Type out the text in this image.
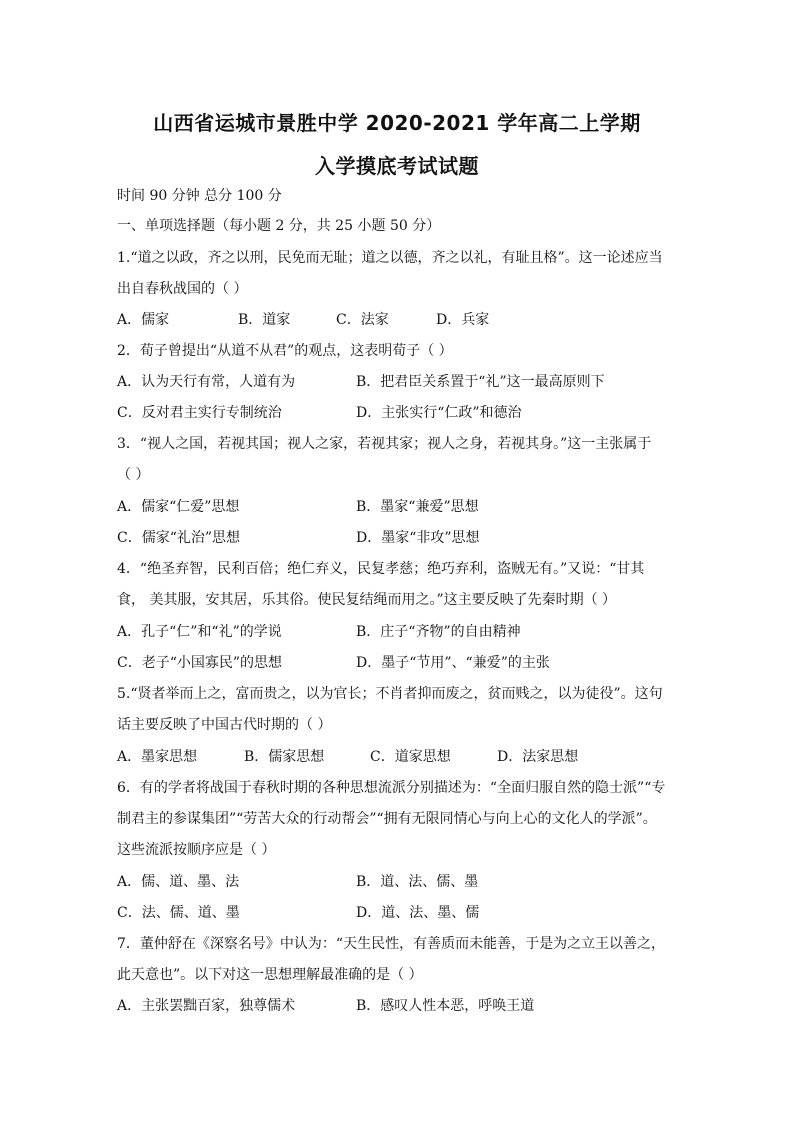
山西省运城市景胜中学 2020-2021 学年高二上学期
入学摸底考试试题
时间 90 分钟 总分 100 分
一、单项选择题（每小题 2 分，共 25 小题 50 分）
1.“道之以政，齐之以刑，民免而无耻；道之以德，齐之以礼，有耻且格”。这一论述应当
出自春秋战国的（ ）
A．儒家	B．道家	C．法家	D．兵家
2．荀子曾提出“从道不从君”的观点，这表明荀子（ ）
A．认为天行有常，人道有为	B．把君臣关系置于“礼”这一最高原则下
C．反对君主实行专制统治	D．主张实行“仁政”和德治
3．“视人之国，若视其国；视人之家，若视其家；视人之身，若视其身。”这一主张属于
（ ）
A．儒家“仁爱”思想	B．墨家“兼爱”思想
C．儒家“礼治”思想	D．墨家“非攻”思想
4．“绝圣弃智，民利百倍；绝仁弃义，民复孝慈；绝巧弃利，盗贼无有。”又说：“甘其
食， 美其服，安其居，乐其俗。使民复结绳而用之。”这主要反映了先秦时期（ ）
A．孔子“仁”和“礼”的学说	B．庄子“齐物”的自由精神
C．老子“小国寡民”的思想	D．墨子“节用”、“兼爱”的主张
5.“贤者举而上之，富而贵之，以为官长；不肖者抑而废之，贫而贱之，以为徒役”。这句
话主要反映了中国古代时期的（ ）
A．墨家思想	B．儒家思想	C．道家思想	D．法家思想
6．有的学者将战国于春秋时期的各种思想流派分别描述为：“全面归服自然的隐士派”“专
制君主的参谋集团”“劳苦大众的行动帮会”“拥有无限同情心与向上心的文化人的学派”。
这些流派按顺序应是（ ）
A．儒、道、墨、法	B．道、法、儒、墨
C．法、儒、道、墨	D．道、法、墨、儒
7．董仲舒在《深察名号》中认为：“天生民性，有善质而未能善，于是为之立王以善之，
此天意也”。以下对这一思想理解最准确的是（ ）
A．主张罢黜百家，独尊儒术	B．感叹人性本恶，呼唤王道
